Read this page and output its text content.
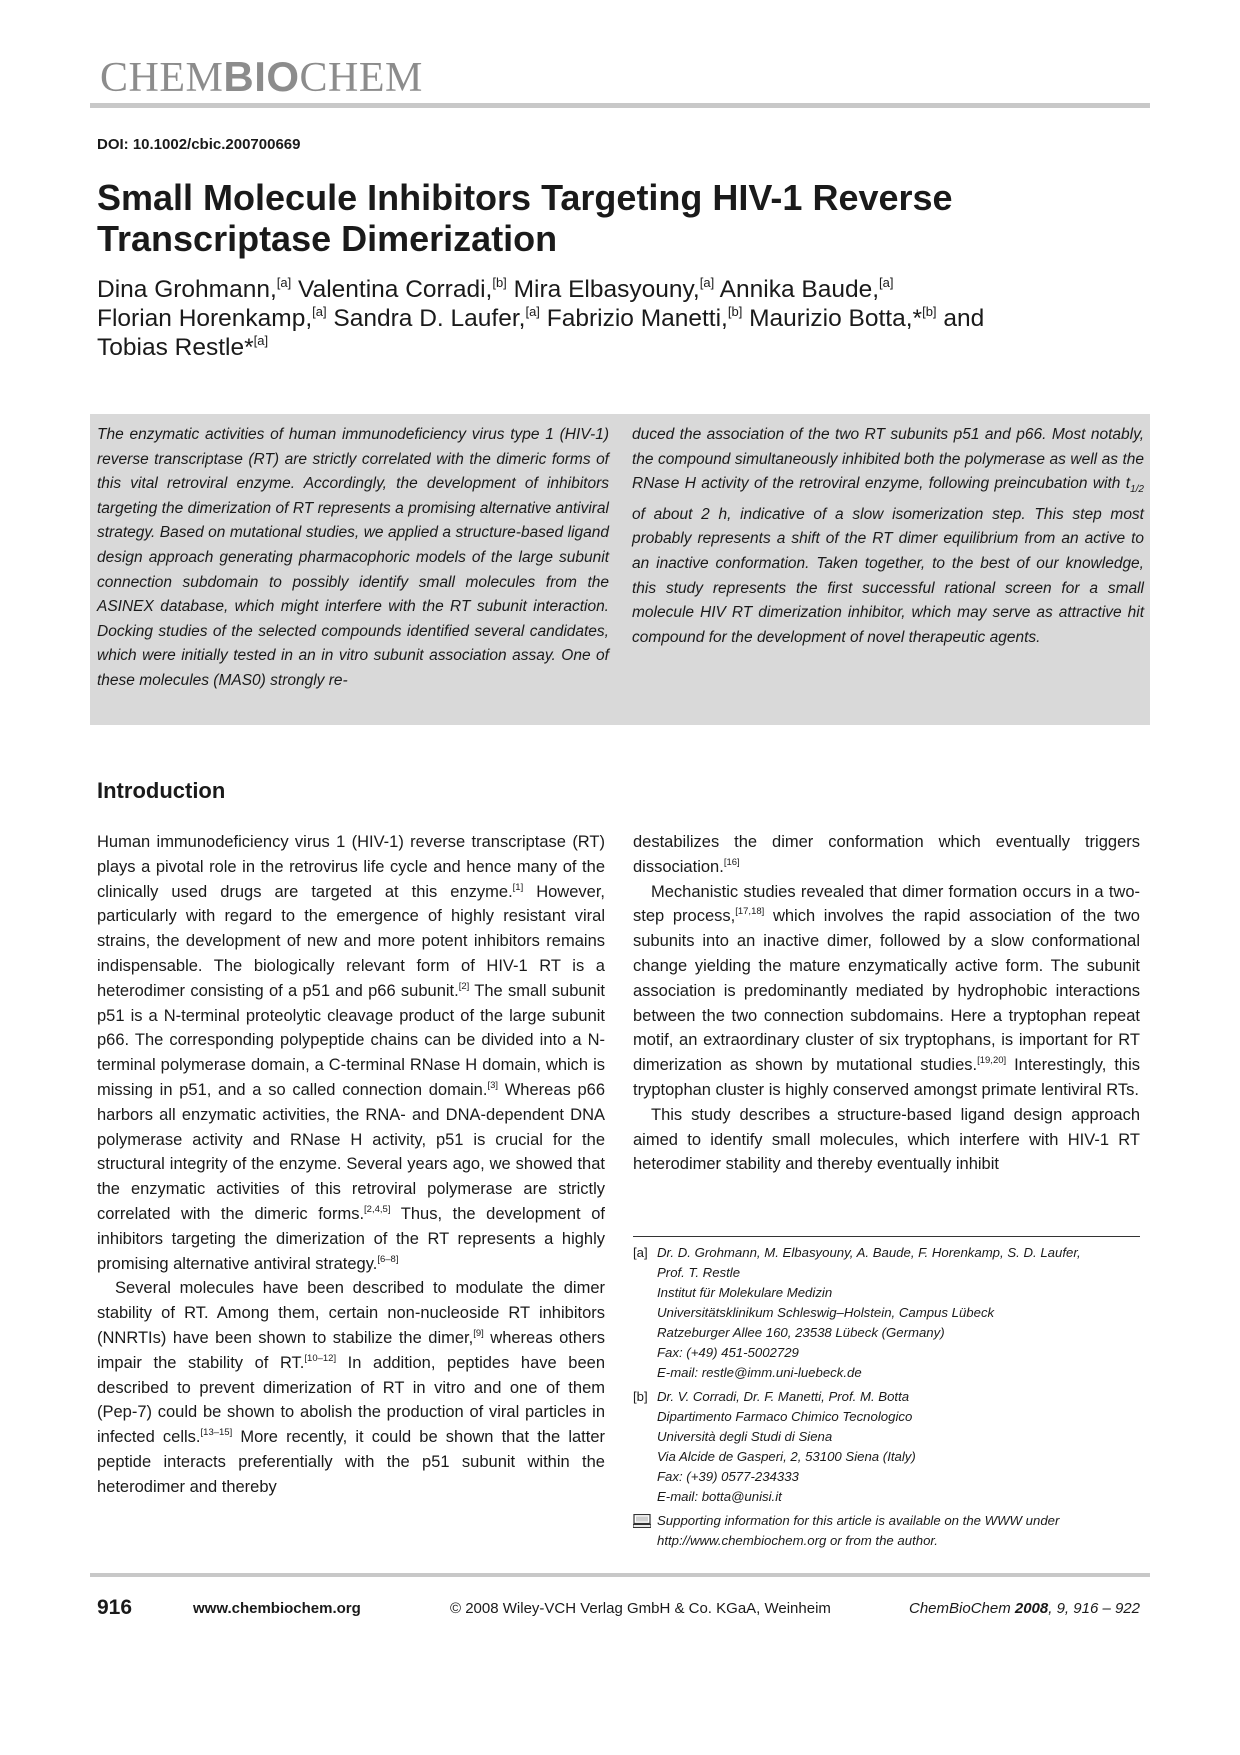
CHEMBIOCHEM
DOI: 10.1002/cbic.200700669
Small Molecule Inhibitors Targeting HIV-1 Reverse
Transcriptase Dimerization
Dina Grohmann,[a] Valentina Corradi,[b] Mira Elbasyouny,[a] Annika Baude,[a]
Florian Horenkamp,[a] Sandra D. Laufer,[a] Fabrizio Manetti,[b] Maurizio Botta,*[b] and
Tobias Restle*[a]
The enzymatic activities of human immunodeficiency virus type 1 (HIV-1) reverse transcriptase (RT) are strictly correlated with the dimeric forms of this vital retroviral enzyme. Accordingly, the development of inhibitors targeting the dimerization of RT represents a promising alternative antiviral strategy. Based on mutational studies, we applied a structure-based ligand design approach generating pharmacophoric models of the large subunit connection subdomain to possibly identify small molecules from the ASINEX database, which might interfere with the RT subunit interaction. Docking studies of the selected compounds identified several candidates, which were initially tested in an in vitro subunit association assay. One of these molecules (MAS0) strongly re-
duced the association of the two RT subunits p51 and p66. Most notably, the compound simultaneously inhibited both the polymerase as well as the RNase H activity of the retroviral enzyme, following preincubation with $t_{1/2}$ of about 2 h, indicative of a slow isomerization step. This step most probably represents a shift of the RT dimer equilibrium from an active to an inactive conformation. Taken together, to the best of our knowledge, this study represents the first successful rational screen for a small molecule HIV RT dimerization inhibitor, which may serve as attractive hit compound for the development of novel therapeutic agents.
Introduction

Human immunodeficiency virus 1 (HIV-1) reverse transcriptase (RT) plays a pivotal role in the retrovirus life cycle and hence many of the clinically used drugs are targeted at this enzyme.[1] However, particularly with regard to the emergence of highly resistant viral strains, the development of new and more potent inhibitors remains indispensable. The biologically relevant form of HIV-1 RT is a heterodimer consisting of a p51 and p66 subunit.[2] The small subunit p51 is a N-terminal proteolytic cleavage product of the large subunit p66. The corresponding polypeptide chains can be divided into a N-terminal polymerase domain, a C-terminal RNase H domain, which is missing in p51, and a so called connection domain.[3] Whereas p66 harbors all enzymatic activities, the RNA- and DNA-dependent DNA polymerase activity and RNase H activity, p51 is crucial for the structural integrity of the enzyme. Several years ago, we showed that the enzymatic activities of this retroviral polymerase are strictly correlated with the dimeric forms.[2,4,5] Thus, the development of inhibitors targeting the dimerization of the RT represents a highly promising alternative antiviral strategy.[6–8]

Several molecules have been described to modulate the dimer stability of RT. Among them, certain non-nucleoside RT inhibitors (NNRTIs) have been shown to stabilize the dimer,[9] whereas others impair the stability of RT.[10–12] In addition, peptides have been described to prevent dimerization of RT in vitro and one of them (Pep-7) could be shown to abolish the production of viral particles in infected cells.[13–15] More recently, it could be shown that the latter peptide interacts preferentially with the p51 subunit within the heterodimer and thereby

destabilizes the dimer conformation which eventually triggers dissociation.[16]

Mechanistic studies revealed that dimer formation occurs in a two-step process,[17,18] which involves the rapid association of the two subunits into an inactive dimer, followed by a slow conformational change yielding the mature enzymatically active form. The subunit association is predominantly mediated by hydrophobic interactions between the two connection subdomains. Here a tryptophan repeat motif, an extraordinary cluster of six tryptophans, is important for RT dimerization as shown by mutational studies.[19,20] Interestingly, this tryptophan cluster is highly conserved amongst primate lentiviral RTs.

This study describes a structure-based ligand design approach aimed to identify small molecules, which interfere with HIV-1 RT heterodimer stability and thereby eventually inhibit

[a] Dr. D. Grohmann, M. Elbasyouny, A. Baude, F. Horenkamp, S. D. Laufer,
Prof. T. Restle
Institut für Molekulare Medizin
Universitätsklinikum Schleswig–Holstein, Campus Lübeck
Ratzeburger Allee 160, 23538 Lübeck (Germany)
Fax: (+49) 451-5002729
E-mail: restle@imm.uni-luebeck.de
[b] Dr. V. Corradi, Dr. F. Manetti, Prof. M. Botta
Dipartimento Farmaco Chimico Tecnologico
Università degli Studi di Siena
Via Alcide de Gasperi, 2, 53100 Siena (Italy)
Fax: (+39) 0577-234333
E-mail: botta@unisi.it
Supporting information for this article is available on the WWW under
http://www.chembiochem.org or from the author.
916	www.chembiochem.org	© 2008 Wiley-VCH Verlag GmbH & Co. KGaA, Weinheim	ChemBioChem 2008, 9, 916 – 922
